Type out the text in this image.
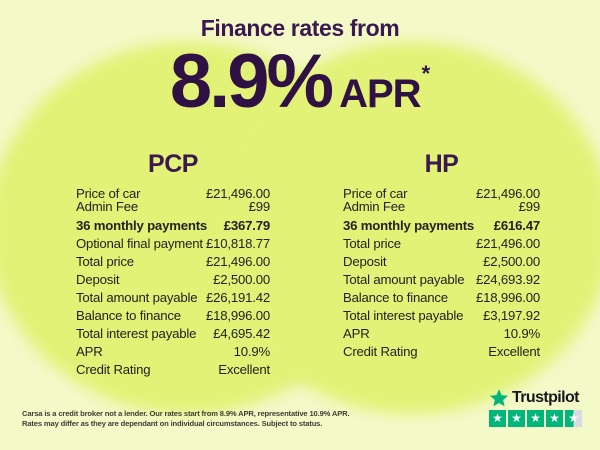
Finance rates from
8.9% APR *
PCP
Price of car	£21,496.00
Admin Fee	£99
36 monthly payments £367.79
Optional final payment £10,818.77
Total price	£21,496.00
Deposit	£2,500.00
Total amount payable £26,191.42
Balance to finance £18,996.00
Total interest payable £4,695.42
APR	10.9%
Credit Rating	Excellent
HP
Price of car	£21,496.00
Admin Fee	£99
36 monthly payments £616.47
Total price	£21,496.00
Deposit	£2,500.00
Total amount payable £24,693.92
Balance to finance £18,996.00
Total interest payable £3,197.92
APR	10.9%
Credit Rating	Excellent
Carsa is a credit broker not a lender. Our rates start from 8.9% APR, representative 10.9% APR.
Rates may differ as they are dependant on individual circumstances. Subject to status.
Trustpilot
★ ★ ★ ★ ★
